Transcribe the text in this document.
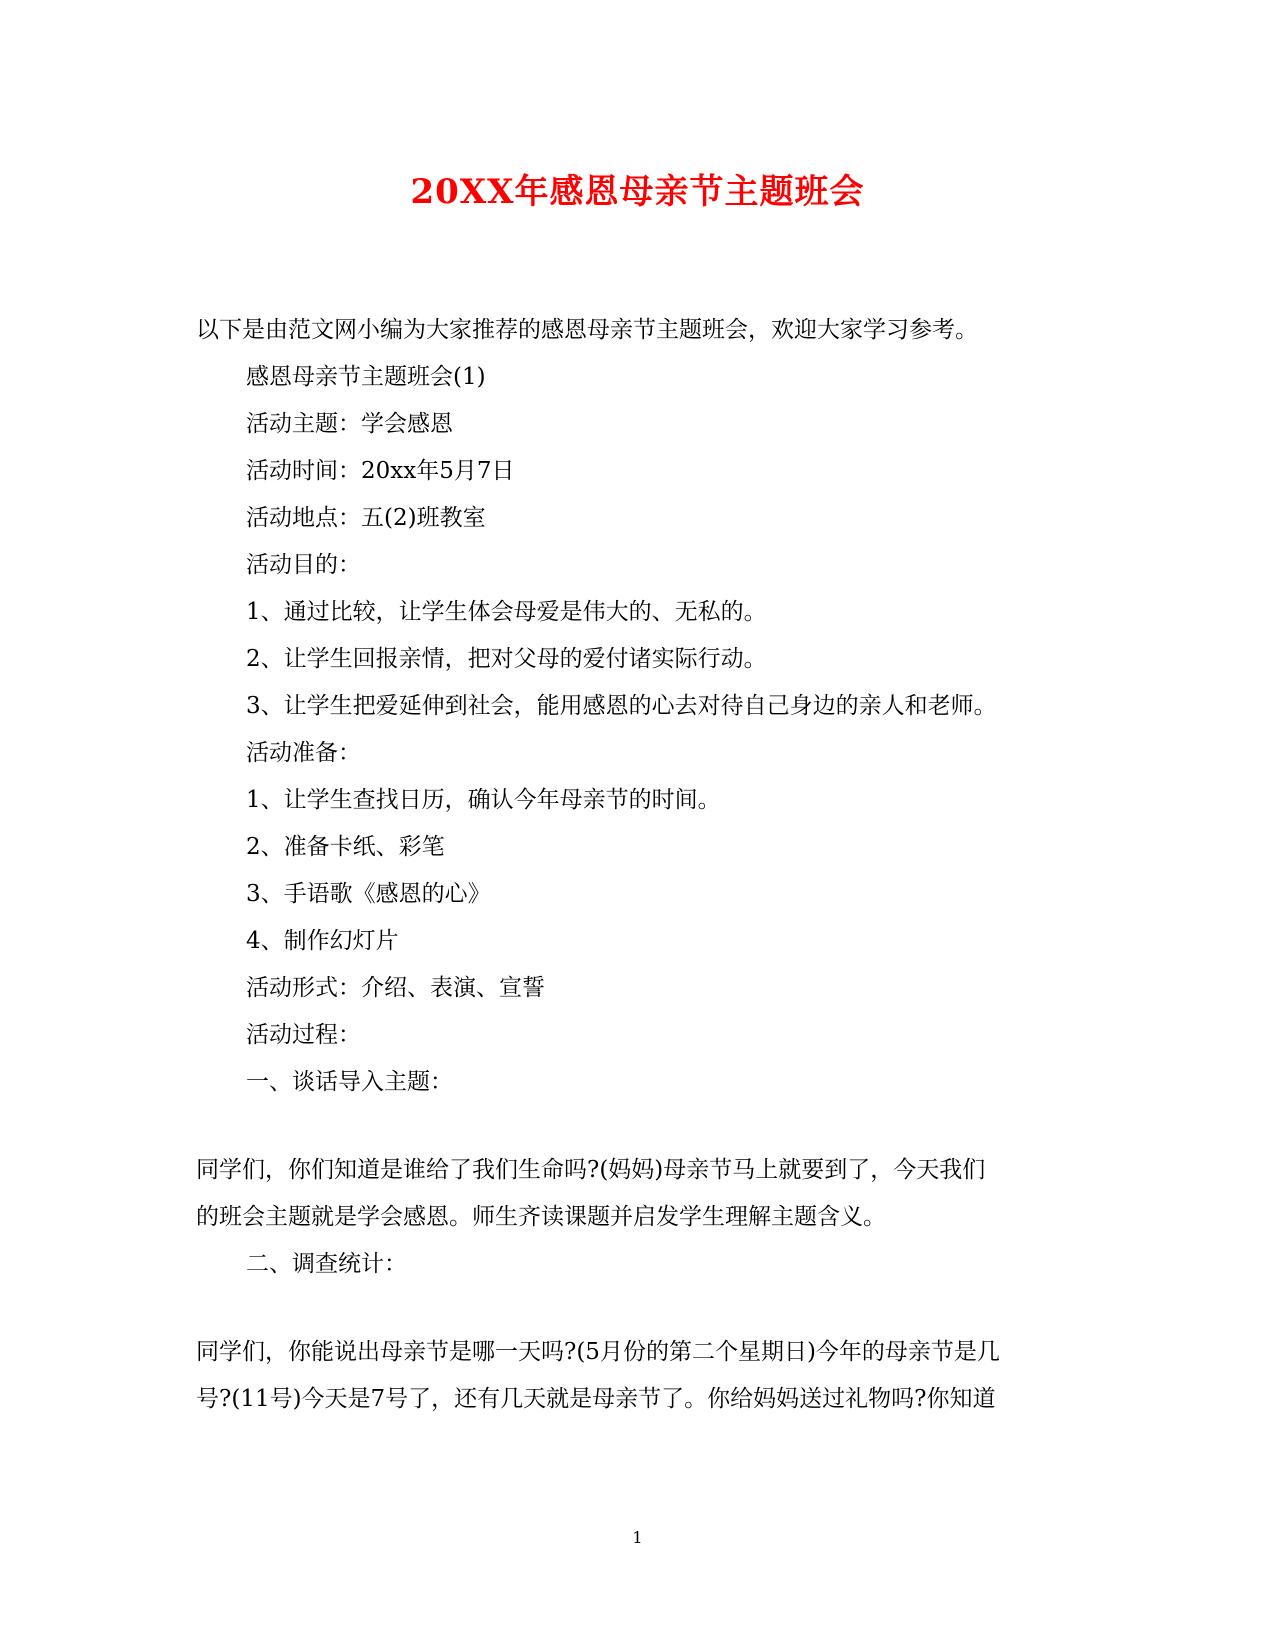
20XX年感恩母亲节主题班会
以下是由范文网小编为大家推荐的感恩母亲节主题班会，欢迎大家学习参考。
感恩母亲节主题班会(1)
活动主题：学会感恩
活动时间：20xx年5月7日
活动地点：五(2)班教室
活动目的：
1、通过比较，让学生体会母爱是伟大的、无私的。
2、让学生回报亲情，把对父母的爱付诸实际行动。
3、让学生把爱延伸到社会，能用感恩的心去对待自己身边的亲人和老师。
活动准备：
1、让学生查找日历，确认今年母亲节的时间。
2、准备卡纸、彩笔
3、手语歌《感恩的心》
4、制作幻灯片
活动形式：介绍、表演、宣誓
活动过程：
一、谈话导入主题：
同学们，你们知道是谁给了我们生命吗?(妈妈)母亲节马上就要到了，今天我们
的班会主题就是学会感恩。师生齐读课题并启发学生理解主题含义。
二、调查统计：
同学们，你能说出母亲节是哪一天吗?(5月份的第二个星期日)今年的母亲节是几
号?(11号)今天是7号了，还有几天就是母亲节了。你给妈妈送过礼物吗?你知道
1
